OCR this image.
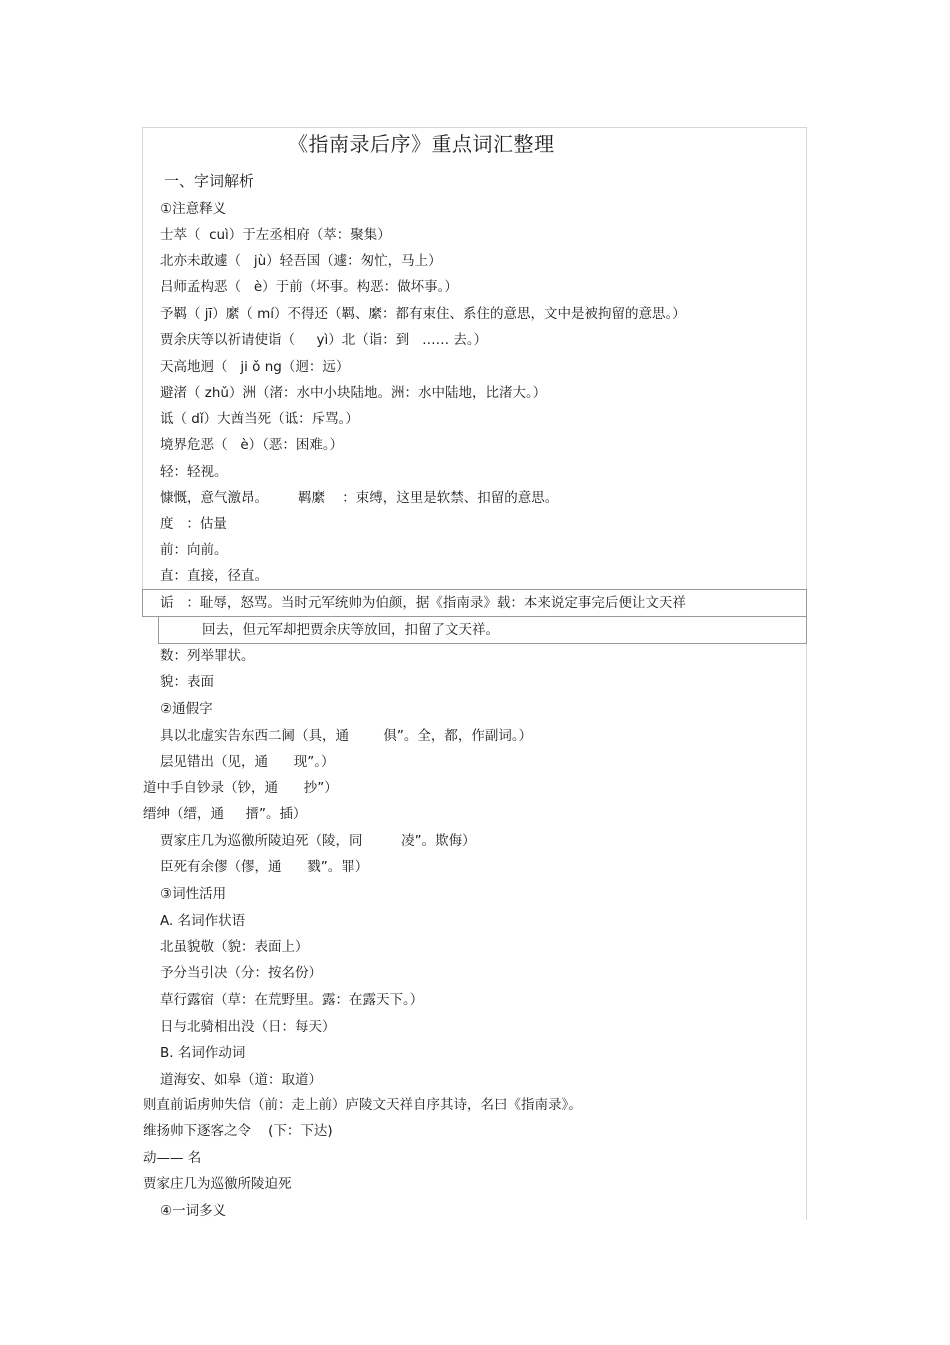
《指南录后序》重点词汇整理
一、字词解析
①注意释义
士萃（  cuì）于左丞相府（萃：聚集）
北亦未敢遽（   jù）轻吾国（遽：匆忙，马上）
吕师孟构恶（   è）于前（坏事。构恶：做坏事。）
予羁（ jī）縻（ mí）不得还（羁、縻：都有束住、系住的意思，文中是被拘留的意思。）
贾余庆等以祈请使诣（     yì）北（诣：到   …… 去。）
天高地迥（   ji ǒ ng（迥：远）
避渚（ zhǔ）洲（渚：水中小块陆地。洲：水中陆地，比渚大。）
诋（ dǐ）大酋当死（诋：斥骂。）
境界危恶（   è）（恶：困难。）
轻：轻视。
慷慨，意气激昂。       羁縻    ：束缚，这里是软禁、扣留的意思。
度   ：估量
前：向前。
直：直接，径直。
诟   ：耻辱，怒骂。当时元军统帅为伯颜，据《指南录》载：本来说定事完后便让文天祥
回去，但元军却把贾余庆等放回，扣留了文天祥。
数：列举罪状。
貌：表面
②通假字
具以北虚实告东西二阃（具，通        俱”。全，都，作副词。）
层见错出（见，通      现”。）
道中手自钞录（钞，通      抄”）
缙绅（缙，通     搢”。插）
贾家庄几为巡徼所陵迫死（陵，同         凌”。欺侮）
臣死有余僇（僇，通      戮”。罪）
③词性活用
A. 名词作状语
北虽貌敬（貌：表面上）
予分当引决（分：按名份）
草行露宿（草：在荒野里。露：在露天下。）
日与北骑相出没（日：每天）
B. 名词作动词
道海安、如皋（道：取道）
则直前诟虏帅失信（前：走上前）庐陵文天祥自序其诗，名曰《指南录》。
维扬帅下逐客之令    (下：下达)
动—— 名
贾家庄几为巡徼所陵迫死
④一词多义
